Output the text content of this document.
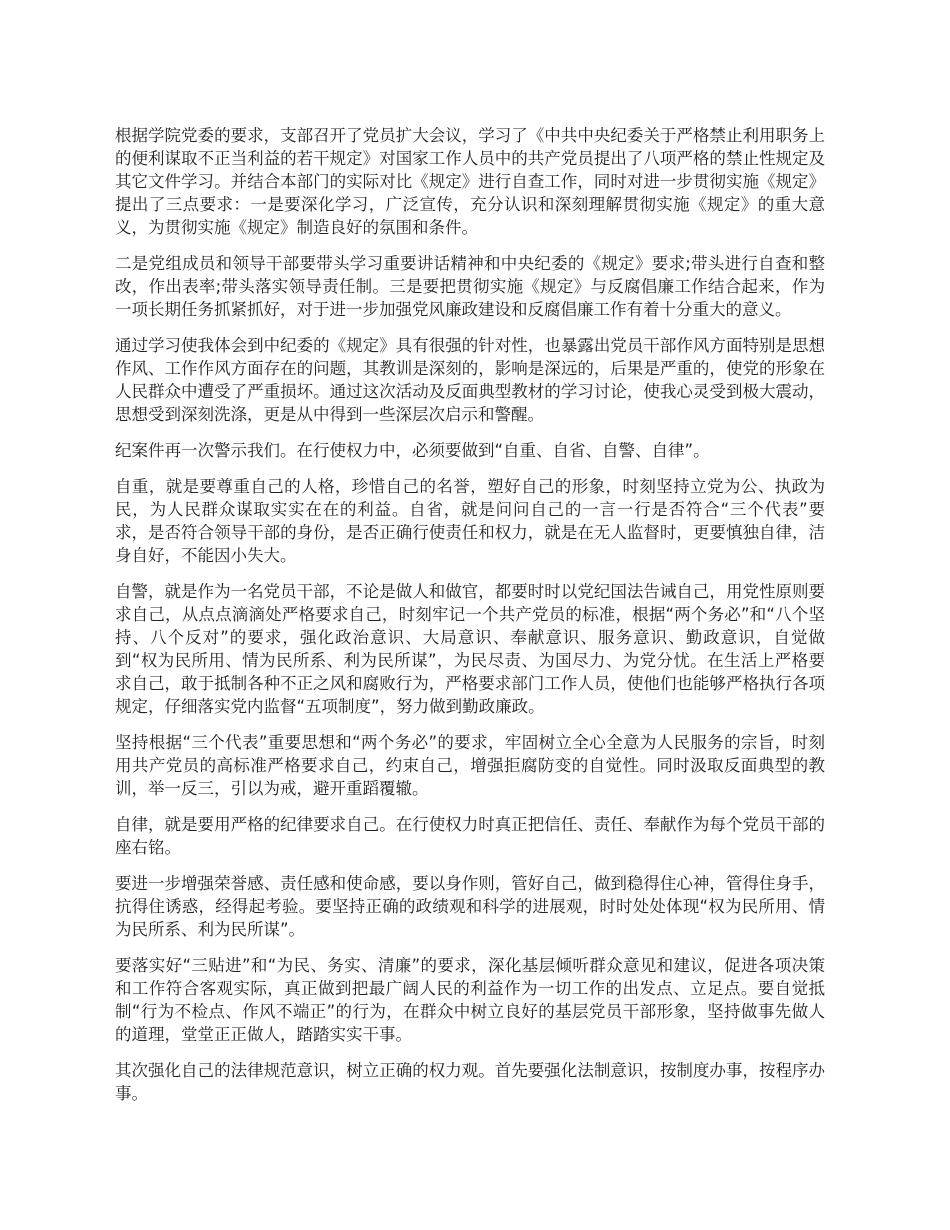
根据学院党委的要求，支部召开了党员扩大会议，学习了《中共中央纪委关于严格禁止利用职务上的便利谋取不正当利益的若干规定》对国家工作人员中的共产党员提出了八项严格的禁止性规定及其它文件学习。并结合本部门的实际对比《规定》进行自查工作，同时对进一步贯彻实施《规定》提出了三点要求：一是要深化学习，广泛宣传，充分认识和深刻理解贯彻实施《规定》的重大意义，为贯彻实施《规定》制造良好的氛围和条件。

二是党组成员和领导干部要带头学习重要讲话精神和中央纪委的《规定》要求;带头进行自查和整改，作出表率;带头落实领导责任制。三是要把贯彻实施《规定》与反腐倡廉工作结合起来，作为一项长期任务抓紧抓好，对于进一步加强党风廉政建设和反腐倡廉工作有着十分重大的意义。

通过学习使我体会到中纪委的《规定》具有很强的针对性，也暴露出党员干部作风方面特别是思想作风、工作作风方面存在的问题，其教训是深刻的，影响是深远的，后果是严重的，使党的形象在人民群众中遭受了严重损坏。通过这次活动及反面典型教材的学习讨论，使我心灵受到极大震动，思想受到深刻洗涤，更是从中得到一些深层次启示和警醒。

纪案件再一次警示我们。在行使权力中，必须要做到“自重、自省、自警、自律”。

自重，就是要尊重自己的人格，珍惜自己的名誉，塑好自己的形象，时刻坚持立党为公、执政为民，为人民群众谋取实实在在的利益。自省，就是问问自己的一言一行是否符合“三个代表”要求，是否符合领导干部的身份，是否正确行使责任和权力，就是在无人监督时，更要慎独自律，洁身自好，不能因小失大。

自警，就是作为一名党员干部，不论是做人和做官，都要时时以党纪国法告诫自己，用党性原则要求自己，从点点滴滴处严格要求自己，时刻牢记一个共产党员的标准，根据“两个务必”和“八个坚持、八个反对”的要求，强化政治意识、大局意识、奉献意识、服务意识、勤政意识，自觉做到“权为民所用、情为民所系、利为民所谋”，为民尽责、为国尽力、为党分忧。在生活上严格要求自己，敢于抵制各种不正之风和腐败行为，严格要求部门工作人员，使他们也能够严格执行各项规定，仔细落实党内监督“五项制度”，努力做到勤政廉政。

坚持根据“三个代表”重要思想和“两个务必”的要求，牢固树立全心全意为人民服务的宗旨，时刻用共产党员的高标准严格要求自己，约束自己，增强拒腐防变的自觉性。同时汲取反面典型的教训，举一反三，引以为戒，避开重蹈覆辙。

自律，就是要用严格的纪律要求自己。在行使权力时真正把信任、责任、奉献作为每个党员干部的座右铭。

要进一步增强荣誉感、责任感和使命感，要以身作则，管好自己，做到稳得住心神，管得住身手，抗得住诱惑，经得起考验。要坚持正确的政绩观和科学的进展观，时时处处体现“权为民所用、情为民所系、利为民所谋”。

要落实好“三贴进”和“为民、务实、清廉”的要求，深化基层倾听群众意见和建议，促进各项决策和工作符合客观实际，真正做到把最广阔人民的利益作为一切工作的出发点、立足点。要自觉抵制“行为不检点、作风不端正”的行为，在群众中树立良好的基层党员干部形象，坚持做事先做人的道理，堂堂正正做人，踏踏实实干事。

其次强化自己的法律规范意识，树立正确的权力观。首先要强化法制意识，按制度办事，按程序办事。
